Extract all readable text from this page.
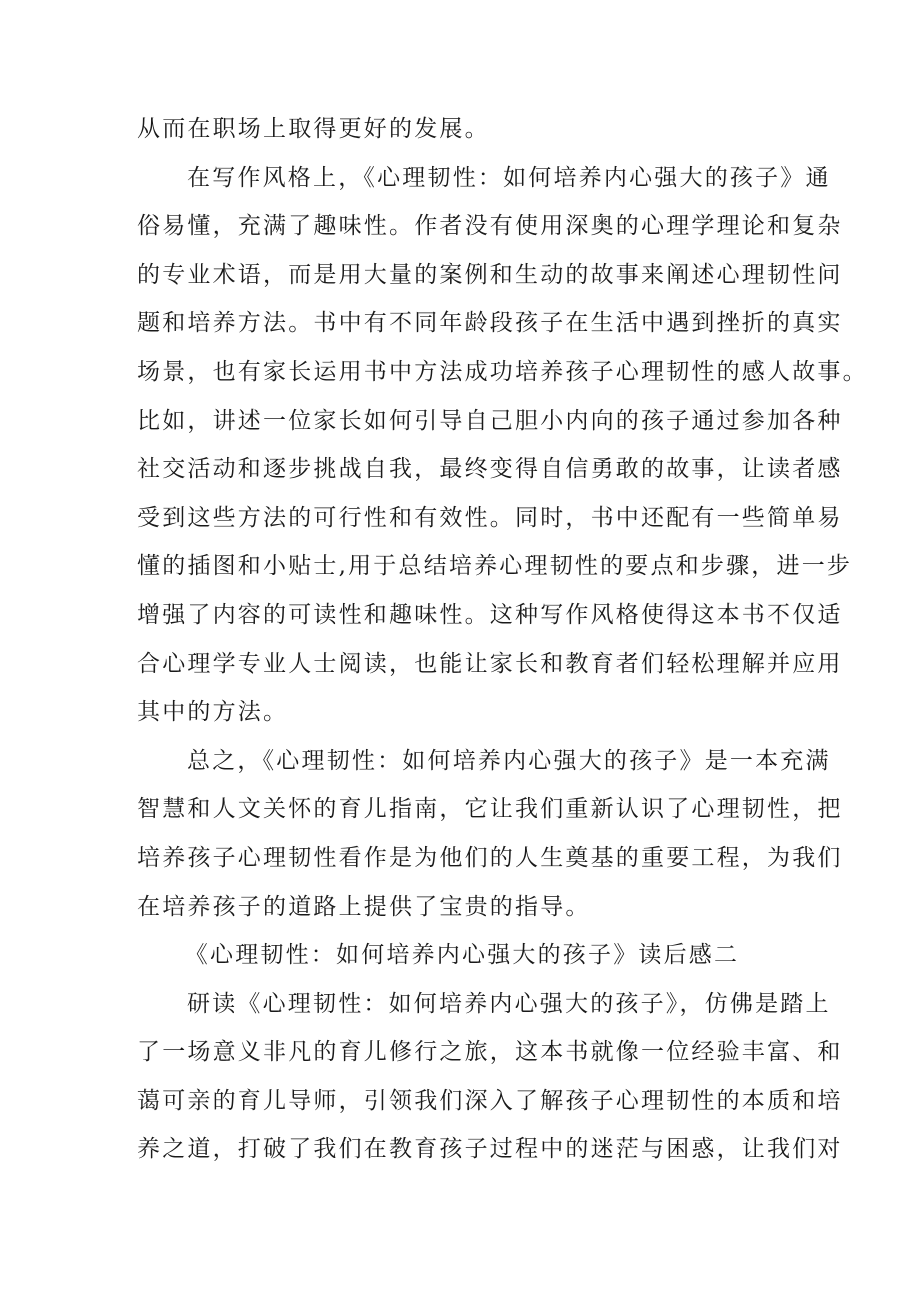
从而在职场上取得更好的发展。
在写作风格上，《心理韧性：如何培养内心强大的孩子》通
俗易懂，充满了趣味性。作者没有使用深奥的心理学理论和复杂
的专业术语，而是用大量的案例和生动的故事来阐述心理韧性问
题和培养方法。书中有不同年龄段孩子在生活中遇到挫折的真实
场景，也有家长运用书中方法成功培养孩子心理韧性的感人故事。
比如，讲述一位家长如何引导自己胆小内向的孩子通过参加各种
社交活动和逐步挑战自我，最终变得自信勇敢的故事，让读者感
受到这些方法的可行性和有效性。同时，书中还配有一些简单易
懂的插图和小贴士,用于总结培养心理韧性的要点和步骤，进一步
增强了内容的可读性和趣味性。这种写作风格使得这本书不仅适
合心理学专业人士阅读，也能让家长和教育者们轻松理解并应用
其中的方法。
总之，《心理韧性：如何培养内心强大的孩子》是一本充满
智慧和人文关怀的育儿指南，它让我们重新认识了心理韧性，把
培养孩子心理韧性看作是为他们的人生奠基的重要工程，为我们
在培养孩子的道路上提供了宝贵的指导。
《心理韧性：如何培养内心强大的孩子》读后感二
研读《心理韧性：如何培养内心强大的孩子》，仿佛是踏上
了一场意义非凡的育儿修行之旅，这本书就像一位经验丰富、和
蔼可亲的育儿导师，引领我们深入了解孩子心理韧性的本质和培
养之道，打破了我们在教育孩子过程中的迷茫与困惑，让我们对
